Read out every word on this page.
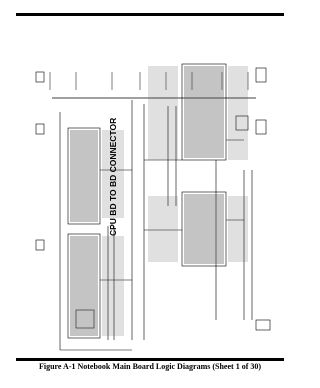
CPU BD TO BD CONNECTOR
Figure A-1 Notebook Main Board Logic Diagrams (Sheet 1 of 30)
